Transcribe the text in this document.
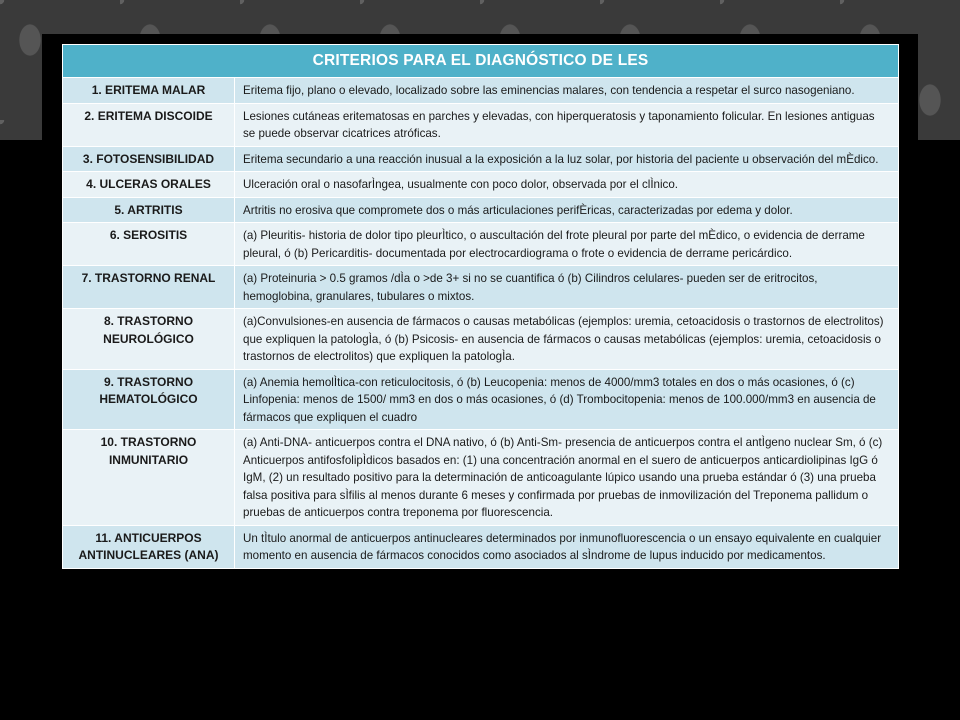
CRITERIOS PARA EL DIAGNÓSTICO DE LES	
1. ERITEMA MALAR	Eritema fijo, plano o elevado, localizado sobre las eminencias malares, con tendencia a respetar el surco nasogeniano.
2. ERITEMA DISCOIDE	Lesiones cutáneas eritematosas en parches y elevadas, con hiperqueratosis y taponamiento folicular. En lesiones antiguas se puede observar cicatrices atróficas.
3. FOTOSENSIBILIDAD	Eritema secundario a una reacción inusual a la exposición a la luz solar, por historia del paciente u observación del mÈdico.
4. ULCERAS ORALES	Ulceración oral o nasofarÌngea, usualmente con poco dolor, observada por el clÌnico.
5. ARTRITIS	Artritis no erosiva que compromete dos o más articulaciones perifÈricas, caracterizadas por edema y dolor.
6. SEROSITIS	(a) Pleuritis- historia de dolor tipo pleurÌtico, o auscultación del frote pleural por parte del mÈdico, o evidencia de derrame pleural, ó (b) Pericarditis- documentada por electrocardiograma o frote o evidencia de derrame pericárdico.
7. TRASTORNO RENAL	(a) Proteinuria > 0.5 gramos /dÌa o >de 3+ si no se cuantifica ó (b) Cilindros celulares- pueden ser de eritrocitos, hemoglobina, granulares, tubulares o mixtos.
8. TRASTORNO NEUROLÓGICO	(a)Convulsiones-en ausencia de fármacos o causas metabólicas (ejemplos: uremia, cetoacidosis o trastornos de electrolitos) que expliquen la patologÌa, ó (b) Psicosis- en ausencia de fármacos o causas metabólicas (ejemplos: uremia, cetoacidosis o trastornos de electrolitos) que expliquen la patologÌa.
9. TRASTORNO HEMATOLÓGICO	(a) Anemia hemolÌtica-con reticulocitosis, ó (b) Leucopenia: menos de 4000/mm3 totales en dos o más ocasiones, ó (c) Linfopenia: menos de 1500/ mm3 en dos o más ocasiones, ó (d) Trombocitopenia: menos de 100.000/mm3 en ausencia de fármacos que expliquen el cuadro
10. TRASTORNO INMUNITARIO	(a) Anti-DNA- anticuerpos contra el DNA nativo, ó (b) Anti-Sm- presencia de anticuerpos contra el antÌgeno nuclear Sm, ó (c) Anticuerpos antifosfolipÌdicos basados en: (1) una concentración anormal en el suero de anticuerpos anticardiolipinas IgG ó IgM, (2) un resultado positivo para la determinación de anticoagulante lúpico usando una prueba estándar ó (3) una prueba falsa positiva para sÌfilis al menos durante 6 meses y confirmada por pruebas de inmovilización del Treponema pallidum o pruebas de anticuerpos contra treponema por fluorescencia.
11. ANTICUERPOS ANTINUCLEARES (ANA)	Un tÌtulo anormal de anticuerpos antinucleares determinados por inmunofluorescencia o un ensayo equivalente en cualquier momento en ausencia de fármacos conocidos como asociados al sÌndrome de lupus inducido por medicamentos.
